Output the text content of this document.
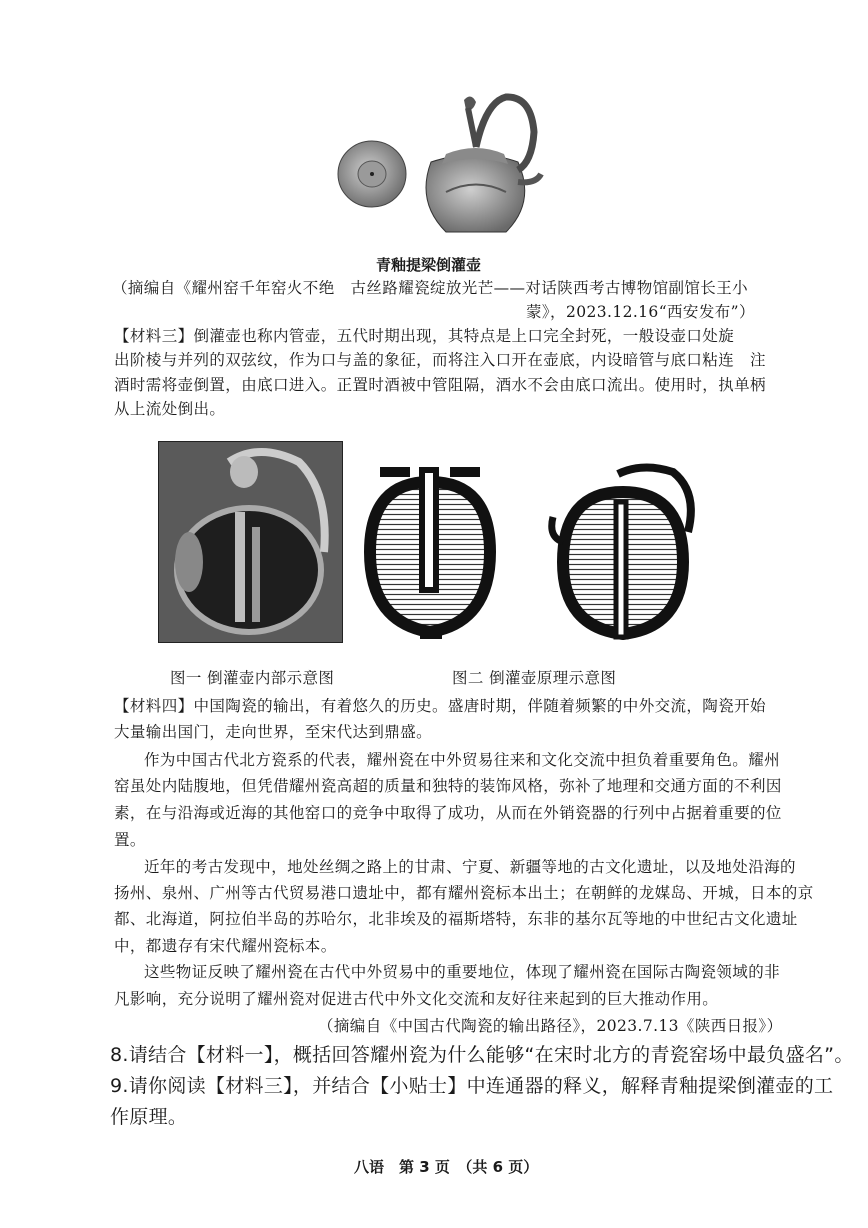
青釉提梁倒灌壶
（摘编自《耀州窑千年窑火不绝　古丝路耀瓷绽放光芒——对话陕西考古博物馆副馆长王小
蒙》，2023.12.16“西安发布”）
【材料三】倒灌壶也称内管壶，五代时期出现，其特点是上口完全封死，一般设壶口处旋
出阶棱与并列的双弦纹，作为口与盖的象征，而将注入口开在壶底，内设暗管与底口粘连　注
酒时需将壶倒置，由底口进入。正置时酒被中管阻隔，酒水不会由底口流出。使用时，执单柄
从上流处倒出。
图一 倒灌壶内部示意图	图二 倒灌壶原理示意图
【材料四】中国陶瓷的输出，有着悠久的历史。盛唐时期，伴随着频繁的中外交流，陶瓷开始
大量输出国门，走向世界，至宋代达到鼎盛。
作为中国古代北方瓷系的代表，耀州瓷在中外贸易往来和文化交流中担负着重要角色。耀州
窑虽处内陆腹地，但凭借耀州瓷高超的质量和独特的装饰风格，弥补了地理和交通方面的不利因
素，在与沿海或近海的其他窑口的竞争中取得了成功，从而在外销瓷器的行列中占据着重要的位
置。
近年的考古发现中，地处丝绸之路上的甘肃、宁夏、新疆等地的古文化遗址，以及地处沿海的
扬州、泉州、广州等古代贸易港口遗址中，都有耀州瓷标本出土；在朝鲜的龙媒岛、开城，日本的京
都、北海道，阿拉伯半岛的苏哈尔，北非埃及的福斯塔特，东非的基尔瓦等地的中世纪古文化遗址
中，都遗存有宋代耀州瓷标本。
这些物证反映了耀州瓷在古代中外贸易中的重要地位，体现了耀州瓷在国际古陶瓷领域的非
凡影响，充分说明了耀州瓷对促进古代中外文化交流和友好往来起到的巨大推动作用。
（摘编自《中国古代陶瓷的输出路径》，2023.7.13《陕西日报》）
8.请结合【材料一】，概括回答耀州瓷为什么能够“在宋时北方的青瓷窑场中最负盛名”。
9.请你阅读【材料三】，并结合【小贴士】中连通器的释义，解释青釉提梁倒灌壶的工
作原理。
八语　第 3 页　（共 6 页）
